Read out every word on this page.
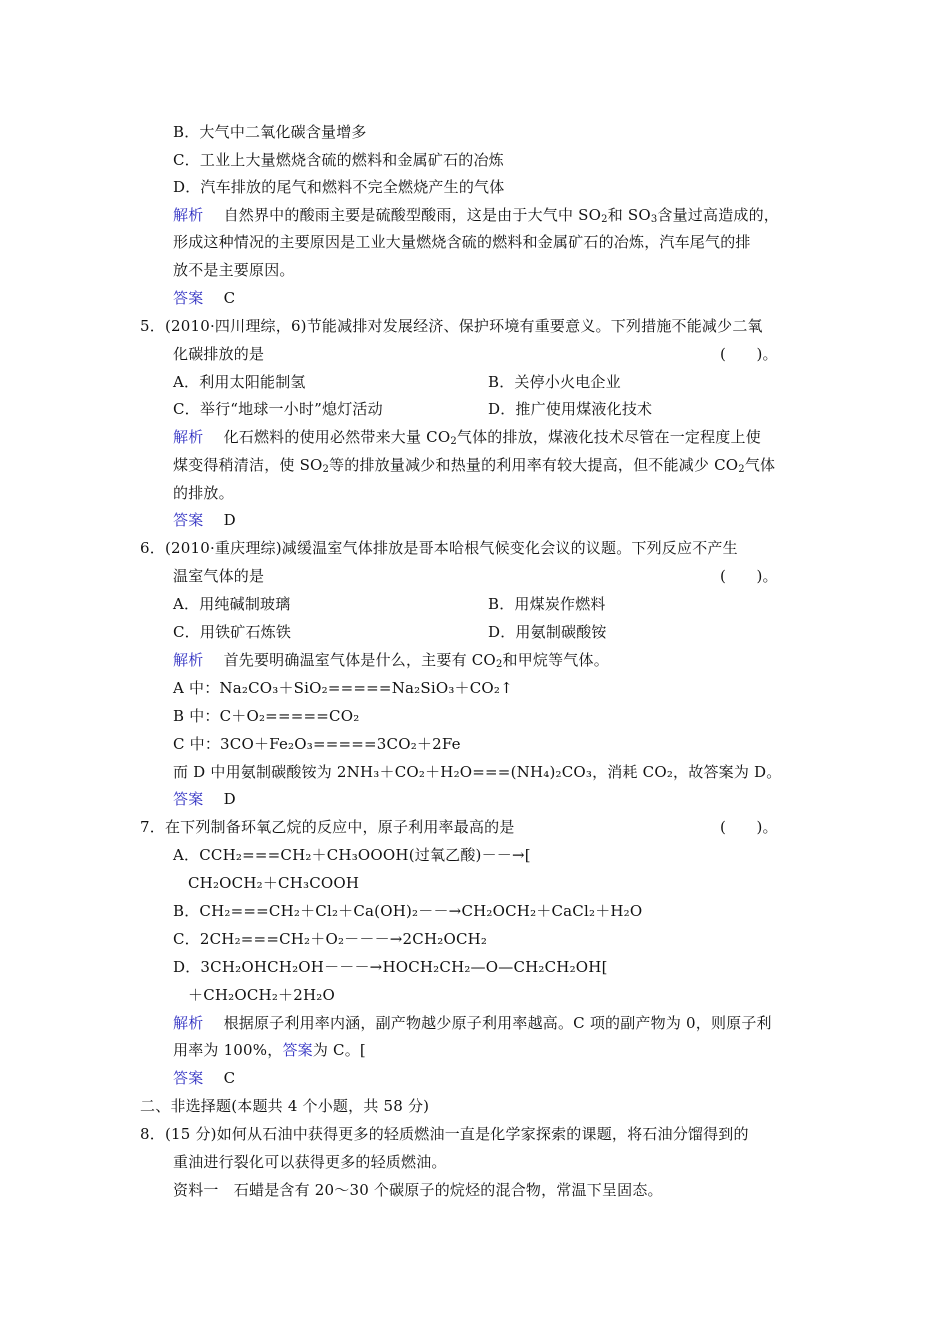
B．大气中二氧化碳含量增多
C．工业上大量燃烧含硫的燃料和金属矿石的冶炼
D．汽车排放的尾气和燃料不完全燃烧产生的气体
解析　 自然界中的酸雨主要是硫酸型酸雨，这是由于大气中 $SO_2$和 $SO_3$含量过高造成的，
形成这种情况的主要原因是工业大量燃烧含硫的燃料和金属矿石的冶炼，汽车尾气的排
放不是主要原因。
答案　 C
5．(2010·四川理综，6)节能减排对发展经济、保护环境有重要意义。下列措施不能减少二氧
化碳排放的是	(　　)。
A．利用太阳能制氢	B．关停小火电企业
C．举行“地球一小时”熄灯活动	D．推广使用煤液化技术
解析　 化石燃料的使用必然带来大量 $CO_2$气体的排放，煤液化技术尽管在一定程度上使
煤变得稍清洁，使 $SO_2$等的排放量减少和热量的利用率有较大提高，但不能减少 $CO_2$气体
的排放。
答案　 D
6．(2010·重庆理综)减缓温室气体排放是哥本哈根气候变化会议的议题。下列反应不产生
温室气体的是	(　　)。
A．用纯碱制玻璃	B．用煤炭作燃料
C．用铁矿石炼铁	D．用氨制碳酸铵
解析　 首先要明确温室气体是什么，主要有 $CO_2$和甲烷等气体。
A 中：Na₂CO₃＋SiO₂=====Na₂SiO₃＋CO₂↑
B 中：C＋O₂=====CO₂
C 中：3CO＋Fe₂O₃=====3CO₂＋2Fe
而 D 中用氨制碳酸铵为 2NH₃＋CO₂＋H₂O===(NH₄)₂CO₃，消耗 CO₂，故答案为 D。
答案　 D
7．在下列制备环氧乙烷的反应中，原子利用率最高的是	(　　)。
A．CCH₂===CH₂＋CH₃OOOH(过氧乙酸)－－→[
CH₂OCH₂＋CH₃COOH
B．CH₂===CH₂＋Cl₂＋Ca(OH)₂－－→CH₂OCH₂＋CaCl₂＋H₂O
C．2CH₂===CH₂＋O₂－－－→2CH₂OCH₂
D．3CH₂OHCH₂OH－－－→HOCH₂CH₂—O—CH₂CH₂OH[
＋CH₂OCH₂＋2H₂O
解析　 根据原子利用率内涵，副产物越少原子利用率越高。C 项的副产物为 0，则原子利
用率为 100%，答案为 C。[
答案　 C
二、非选择题(本题共 4 个小题，共 58 分)
8．(15 分)如何从石油中获得更多的轻质燃油一直是化学家探索的课题，将石油分馏得到的
重油进行裂化可以获得更多的轻质燃油。
资料一　石蜡是含有 20～30 个碳原子的烷烃的混合物，常温下呈固态。
